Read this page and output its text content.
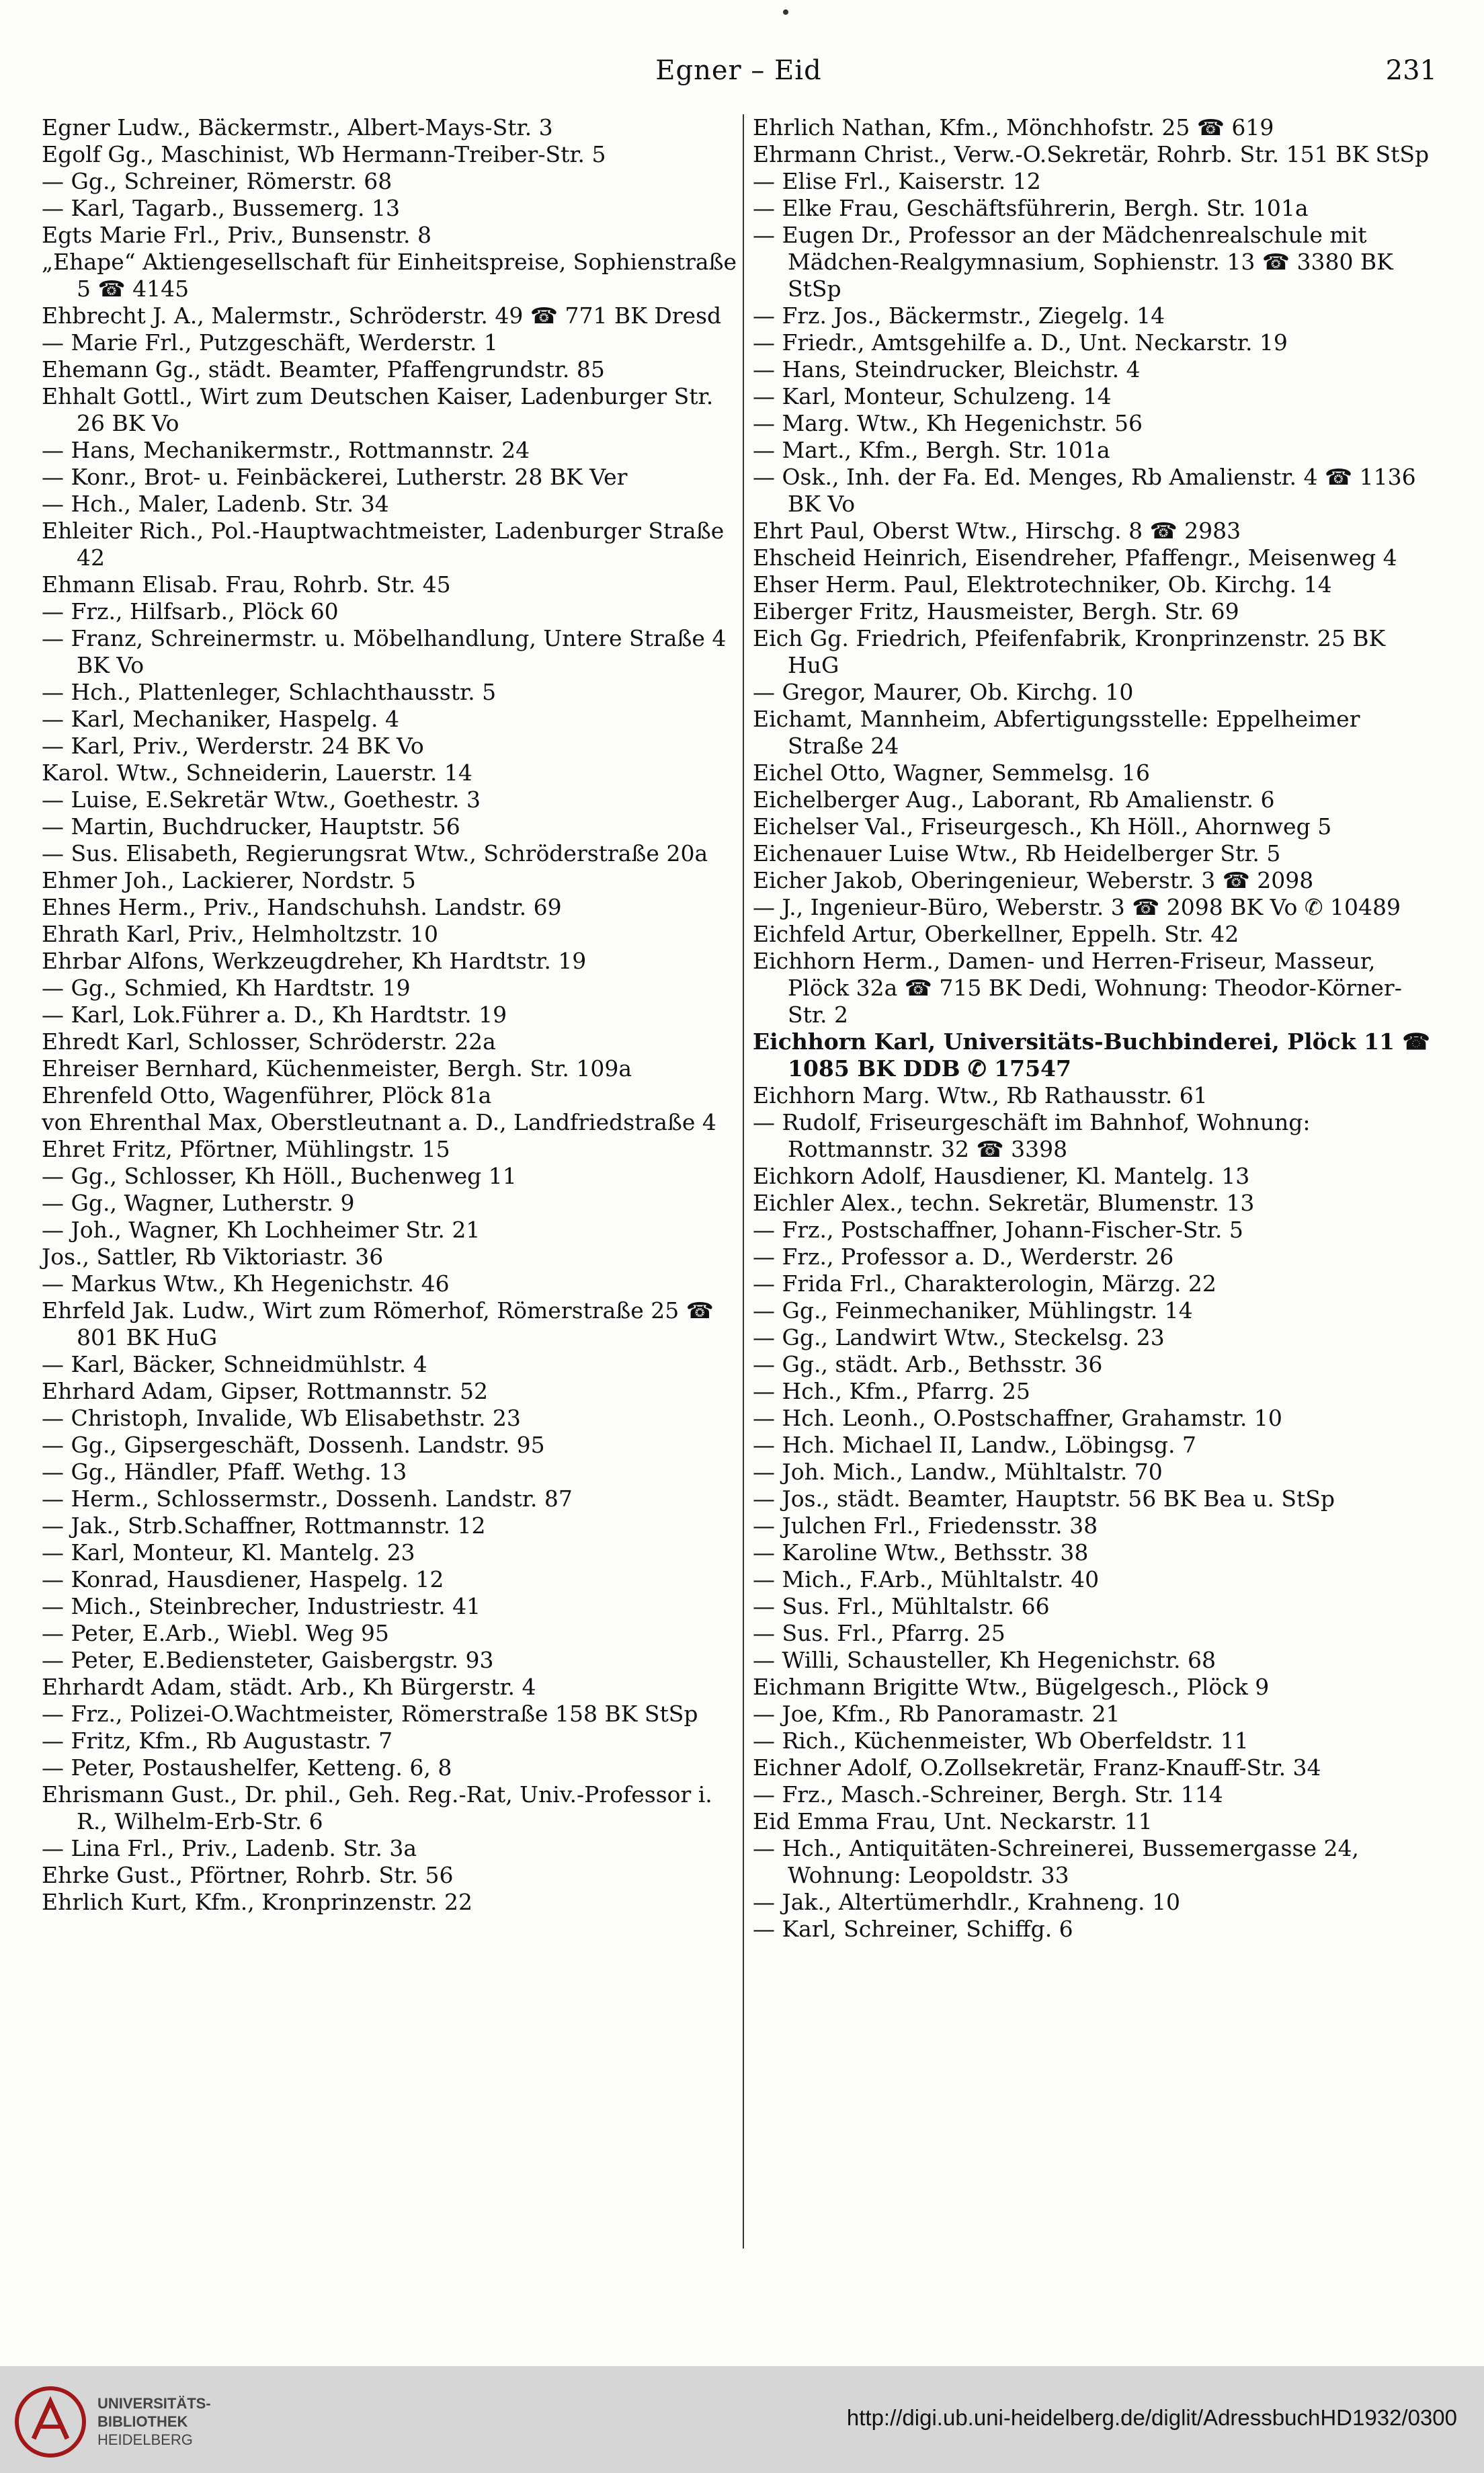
Egner – Eid	231
Egner Ludw., Bäckermstr., Albert-Mays-Str. 3
Egolf Gg., Maschinist, Wb Hermann-Treiber-Str. 5
— Gg., Schreiner, Römerstr. 68
— Karl, Tagarb., Bussemerg. 13
Egts Marie Frl., Priv., Bunsenstr. 8
„Ehape“ Aktiengesellschaft für Einheitspreise, Sophienstraße 5 ☎ 4145
Ehbrecht J. A., Malermstr., Schröderstr. 49 ☎ 771 BK Dresd
— Marie Frl., Putzgeschäft, Werderstr. 1
Ehemann Gg., städt. Beamter, Pfaffengrundstr. 85
Ehhalt Gottl., Wirt zum Deutschen Kaiser, Ladenburger Str. 26 BK Vo
— Hans, Mechanikermstr., Rottmannstr. 24
— Konr., Brot- u. Feinbäckerei, Lutherstr. 28 BK Ver
— Hch., Maler, Ladenb. Str. 34
Ehleiter Rich., Pol.-Hauptwachtmeister, Ladenburger Straße 42
Ehmann Elisab. Frau, Rohrb. Str. 45
— Frz., Hilfsarb., Plöck 60
— Franz, Schreinermstr. u. Möbelhandlung, Untere Straße 4 BK Vo
— Hch., Plattenleger, Schlachthausstr. 5
— Karl, Mechaniker, Haspelg. 4
— Karl, Priv., Werderstr. 24 BK Vo
Karol. Wtw., Schneiderin, Lauerstr. 14
— Luise, E.Sekretär Wtw., Goethestr. 3
— Martin, Buchdrucker, Hauptstr. 56
— Sus. Elisabeth, Regierungsrat Wtw., Schröderstraße 20a
Ehmer Joh., Lackierer, Nordstr. 5
Ehnes Herm., Priv., Handschuhsh. Landstr. 69
Ehrath Karl, Priv., Helmholtzstr. 10
Ehrbar Alfons, Werkzeugdreher, Kh Hardtstr. 19
— Gg., Schmied, Kh Hardtstr. 19
— Karl, Lok.Führer a. D., Kh Hardtstr. 19
Ehredt Karl, Schlosser, Schröderstr. 22a
Ehreiser Bernhard, Küchenmeister, Bergh. Str. 109a
Ehrenfeld Otto, Wagenführer, Plöck 81a
von Ehrenthal Max, Oberstleutnant a. D., Landfriedstraße 4
Ehret Fritz, Pförtner, Mühlingstr. 15
— Gg., Schlosser, Kh Höll., Buchenweg 11
— Gg., Wagner, Lutherstr. 9
— Joh., Wagner, Kh Lochheimer Str. 21
Jos., Sattler, Rb Viktoriastr. 36
— Markus Wtw., Kh Hegenichstr. 46
Ehrfeld Jak. Ludw., Wirt zum Römerhof, Römerstraße 25 ☎ 801 BK HuG
— Karl, Bäcker, Schneidmühlstr. 4
Ehrhard Adam, Gipser, Rottmannstr. 52
— Christoph, Invalide, Wb Elisabethstr. 23
— Gg., Gipsergeschäft, Dossenh. Landstr. 95
— Gg., Händler, Pfaff. Wethg. 13
— Herm., Schlossermstr., Dossenh. Landstr. 87
— Jak., Strb.Schaffner, Rottmannstr. 12
— Karl, Monteur, Kl. Mantelg. 23
— Konrad, Hausdiener, Haspelg. 12
— Mich., Steinbrecher, Industriestr. 41
— Peter, E.Arb., Wiebl. Weg 95
— Peter, E.Bediensteter, Gaisbergstr. 93
Ehrhardt Adam, städt. Arb., Kh Bürgerstr. 4
— Frz., Polizei-O.Wachtmeister, Römerstraße 158 BK StSp
— Fritz, Kfm., Rb Augustastr. 7
— Peter, Postaushelfer, Ketteng. 6, 8
Ehrismann Gust., Dr. phil., Geh. Reg.-Rat, Univ.-Professor i. R., Wilhelm-Erb-Str. 6
— Lina Frl., Priv., Ladenb. Str. 3a
Ehrke Gust., Pförtner, Rohrb. Str. 56
Ehrlich Kurt, Kfm., Kronprinzenstr. 22
Ehrlich Nathan, Kfm., Mönchhofstr. 25 ☎ 619
Ehrmann Christ., Verw.-O.Sekretär, Rohrb. Str. 151 BK StSp
— Elise Frl., Kaiserstr. 12
— Elke Frau, Geschäftsführerin, Bergh. Str. 101a
— Eugen Dr., Professor an der Mädchenrealschule mit Mädchen-Realgymnasium, Sophienstr. 13 ☎ 3380 BK StSp
— Frz. Jos., Bäckermstr., Ziegelg. 14
— Friedr., Amtsgehilfe a. D., Unt. Neckarstr. 19
— Hans, Steindrucker, Bleichstr. 4
— Karl, Monteur, Schulzeng. 14
— Marg. Wtw., Kh Hegenichstr. 56
— Mart., Kfm., Bergh. Str. 101a
— Osk., Inh. der Fa. Ed. Menges, Rb Amalienstr. 4 ☎ 1136 BK Vo
Ehrt Paul, Oberst Wtw., Hirschg. 8 ☎ 2983
Ehscheid Heinrich, Eisendreher, Pfaffengr., Meisenweg 4
Ehser Herm. Paul, Elektrotechniker, Ob. Kirchg. 14
Eiberger Fritz, Hausmeister, Bergh. Str. 69
Eich Gg. Friedrich, Pfeifenfabrik, Kronprinzenstr. 25 BK HuG
— Gregor, Maurer, Ob. Kirchg. 10
Eichamt, Mannheim, Abfertigungsstelle: Eppelheimer Straße 24
Eichel Otto, Wagner, Semmelsg. 16
Eichelberger Aug., Laborant, Rb Amalienstr. 6
Eichelser Val., Friseurgesch., Kh Höll., Ahornweg 5
Eichenauer Luise Wtw., Rb Heidelberger Str. 5
Eicher Jakob, Oberingenieur, Weberstr. 3 ☎ 2098
— J., Ingenieur-Büro, Weberstr. 3 ☎ 2098 BK Vo ✆ 10489
Eichfeld Artur, Oberkellner, Eppelh. Str. 42
Eichhorn Herm., Damen- und Herren-Friseur, Masseur, Plöck 32a ☎ 715 BK Dedi, Wohnung: Theodor-Körner-Str. 2
Eichhorn Karl, Universitäts-Buchbinderei, Plöck 11 ☎ 1085 BK DDB ✆ 17547
Eichhorn Marg. Wtw., Rb Rathausstr. 61
— Rudolf, Friseurgeschäft im Bahnhof, Wohnung: Rottmannstr. 32 ☎ 3398
Eichkorn Adolf, Hausdiener, Kl. Mantelg. 13
Eichler Alex., techn. Sekretär, Blumenstr. 13
— Frz., Postschaffner, Johann-Fischer-Str. 5
— Frz., Professor a. D., Werderstr. 26
— Frida Frl., Charakterologin, Märzg. 22
— Gg., Feinmechaniker, Mühlingstr. 14
— Gg., Landwirt Wtw., Steckelsg. 23
— Gg., städt. Arb., Bethsstr. 36
— Hch., Kfm., Pfarrg. 25
— Hch. Leonh., O.Postschaffner, Grahamstr. 10
— Hch. Michael II, Landw., Löbingsg. 7
— Joh. Mich., Landw., Mühltalstr. 70
— Jos., städt. Beamter, Hauptstr. 56 BK Bea u. StSp
— Julchen Frl., Friedensstr. 38
— Karoline Wtw., Bethsstr. 38
— Mich., F.Arb., Mühltalstr. 40
— Sus. Frl., Mühltalstr. 66
— Sus. Frl., Pfarrg. 25
— Willi, Schausteller, Kh Hegenichstr. 68
Eichmann Brigitte Wtw., Bügelgesch., Plöck 9
— Joe, Kfm., Rb Panoramastr. 21
— Rich., Küchenmeister, Wb Oberfeldstr. 11
Eichner Adolf, O.Zollsekretär, Franz-Knauff-Str. 34
— Frz., Masch.-Schreiner, Bergh. Str. 114
Eid Emma Frau, Unt. Neckarstr. 11
— Hch., Antiquitäten-Schreinerei, Bussemergasse 24, Wohnung: Leopoldstr. 33
— Jak., Altertümerhdlr., Krahneng. 10
— Karl, Schreiner, Schiffg. 6
UNIVERSITÄTS-
BIBLIOTHEK
HEIDELBERG
http://digi.ub.uni-heidelberg.de/diglit/AdressbuchHD1932/0300
